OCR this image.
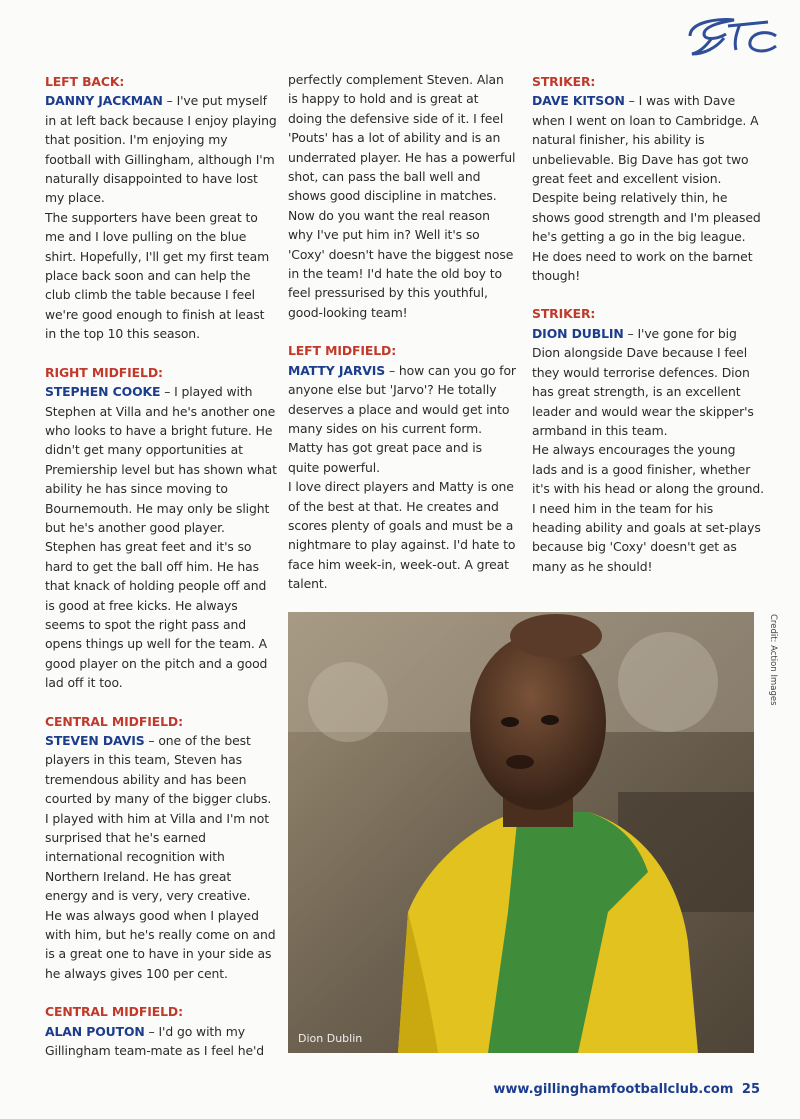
LEFT BACK:

DANNY JACKMAN – I've put myself in at left back because I enjoy playing that position. I'm enjoying my football with Gillingham, although I'm naturally disappointed to have lost my place.

The supporters have been great to me and I love pulling on the blue shirt. Hopefully, I'll get my first team place back soon and can help the club climb the table because I feel we're good enough to finish at least in the top 10 this season.

RIGHT MIDFIELD:

STEPHEN COOKE – I played with Stephen at Villa and he's another one who looks to have a bright future. He didn't get many opportunities at Premiership level but has shown what ability he has since moving to Bournemouth. He may only be slight but he's another good player.

Stephen has great feet and it's so hard to get the ball off him. He has that knack of holding people off and is good at free kicks. He always seems to spot the right pass and opens things up well for the team. A good player on the pitch and a good lad off it too.

CENTRAL MIDFIELD:

STEVEN DAVIS – one of the best players in this team, Steven has tremendous ability and has been courted by many of the bigger clubs. I played with him at Villa and I'm not surprised that he's earned international recognition with Northern Ireland. He has great energy and is very, very creative.

He was always good when I played with him, but he's really come on and is a great one to have in your side as he always gives 100 per cent.

CENTRAL MIDFIELD:

ALAN POUTON – I'd go with my Gillingham team-mate as I feel he'd

perfectly complement Steven. Alan is happy to hold and is great at doing the defensive side of it. I feel 'Pouts' has a lot of ability and is an underrated player. He has a powerful shot, can pass the ball well and shows good discipline in matches.

Now do you want the real reason why I've put him in? Well it's so 'Coxy' doesn't have the biggest nose in the team! I'd hate the old boy to feel pressurised by this youthful, good-looking team!

LEFT MIDFIELD:

MATTY JARVIS – how can you go for anyone else but 'Jarvo'? He totally deserves a place and would get into many sides on his current form. Matty has got great pace and is quite powerful.

I love direct players and Matty is one of the best at that. He creates and scores plenty of goals and must be a nightmare to play against. I'd hate to face him week-in, week-out. A great talent.

STRIKER:

DAVE KITSON – I was with Dave when I went on loan to Cambridge. A natural finisher, his ability is unbelievable. Big Dave has got two great feet and excellent vision.

Despite being relatively thin, he shows good strength and I'm pleased he's getting a go in the big league. He does need to work on the barnet though!

STRIKER:

DION DUBLIN – I've gone for big Dion alongside Dave because I feel they would terrorise defences. Dion has great strength, is an excellent leader and would wear the skipper's armband in this team.

He always encourages the young lads and is a good finisher, whether it's with his head or along the ground.

I need him in the team for his heading ability and goals at set-plays because big 'Coxy' doesn't get as many as he should!

Dion Dublin
Credit: Action Images
www.gillinghamfootballclub.com 25
